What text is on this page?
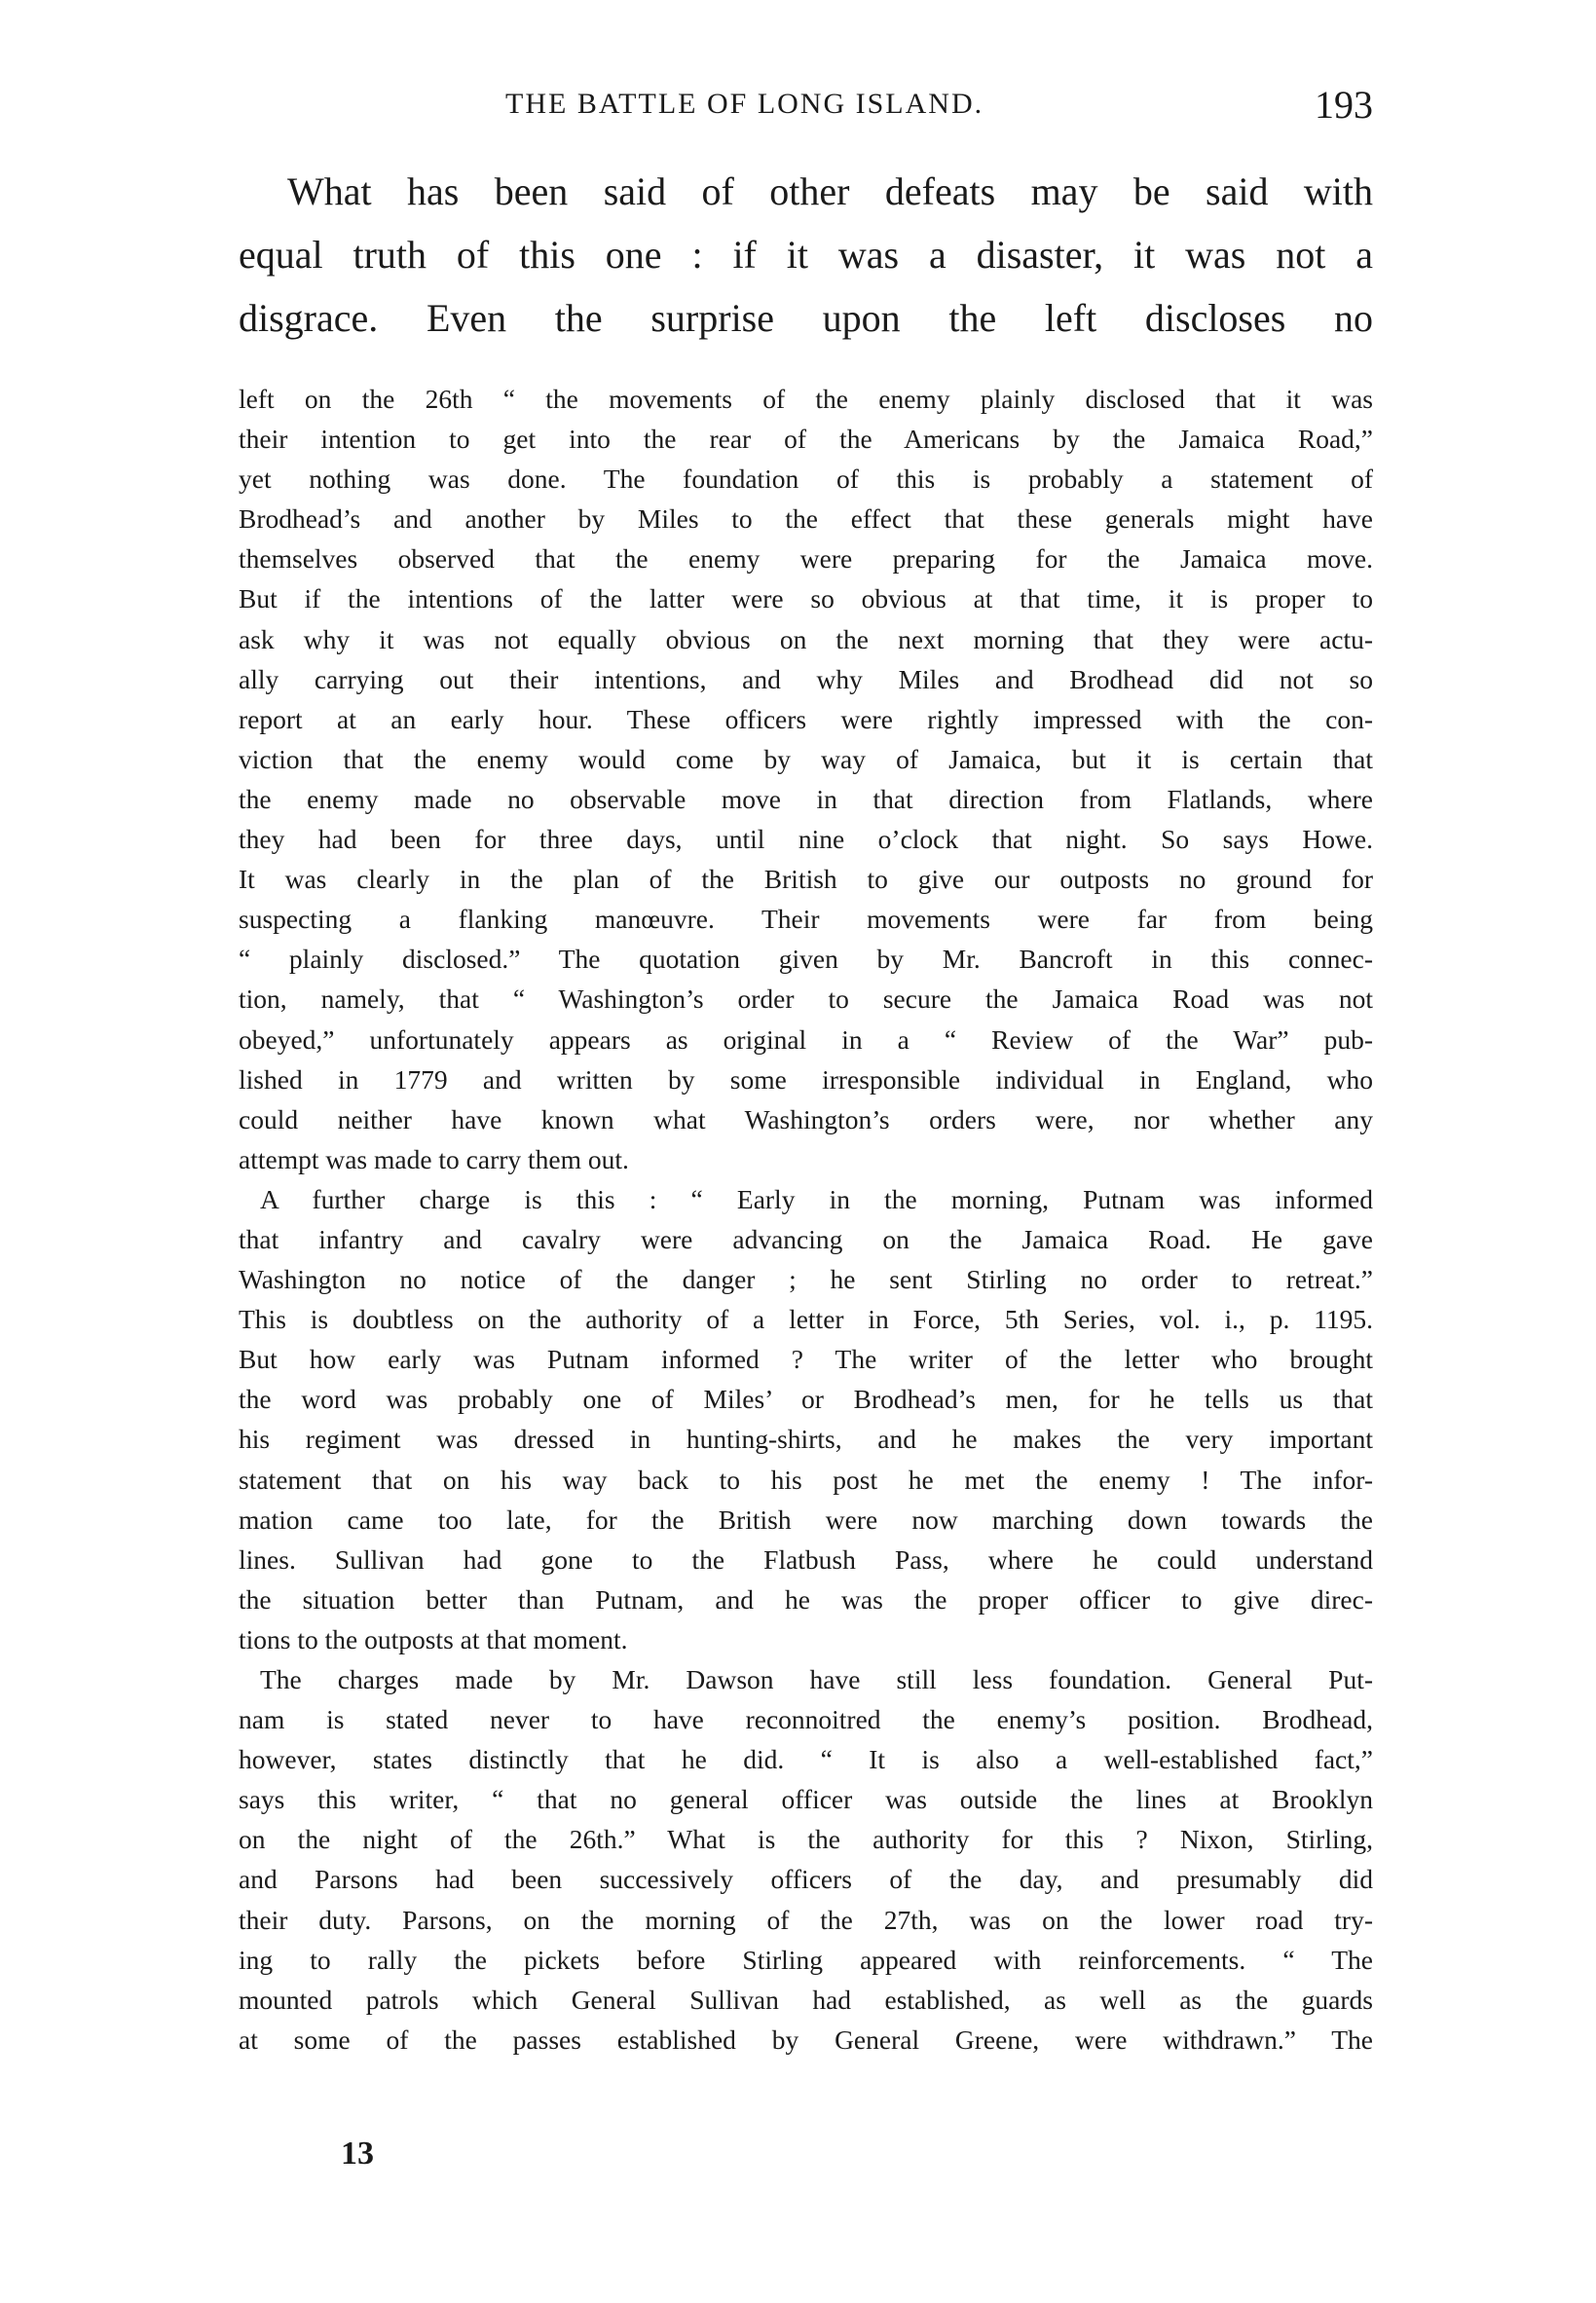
THE BATTLE OF LONG ISLAND.	193
What has been said of other defeats may be said with
equal truth of this one : if it was a disaster, it was not a
disgrace. Even the surprise upon the left discloses no

left on the 26th “ the movements of the enemy plainly disclosed that it was
their intention to get into the rear of the Americans by the Jamaica Road,”
yet nothing was done. The foundation of this is probably a statement of
Brodhead’s and another by Miles to the effect that these generals might have
themselves observed that the enemy were preparing for the Jamaica move.
But if the intentions of the latter were so obvious at that time, it is proper to
ask why it was not equally obvious on the next morning that they were actu-
ally carrying out their intentions, and why Miles and Brodhead did not so
report at an early hour. These officers were rightly impressed with the con-
viction that the enemy would come by way of Jamaica, but it is certain that
the enemy made no observable move in that direction from Flatlands, where
they had been for three days, until nine o’clock that night. So says Howe.
It was clearly in the plan of the British to give our outposts no ground for
suspecting a flanking manœuvre. Their movements were far from being
“ plainly disclosed.” The quotation given by Mr. Bancroft in this connec-
tion, namely, that “ Washington’s order to secure the Jamaica Road was not
obeyed,” unfortunately appears as original in a “ Review of the War” pub-
lished in 1779 and written by some irresponsible individual in England, who
could neither have known what Washington’s orders were, nor whether any
attempt was made to carry them out.

A further charge is this : “ Early in the morning, Putnam was informed
that infantry and cavalry were advancing on the Jamaica Road. He gave
Washington no notice of the danger ; he sent Stirling no order to retreat.”
This is doubtless on the authority of a letter in Force, 5th Series, vol. i., p. 1195.
But how early was Putnam informed ? The writer of the letter who brought
the word was probably one of Miles’ or Brodhead’s men, for he tells us that
his regiment was dressed in hunting-shirts, and he makes the very important
statement that on his way back to his post he met the enemy ! The infor-
mation came too late, for the British were now marching down towards the
lines. Sullivan had gone to the Flatbush Pass, where he could understand
the situation better than Putnam, and he was the proper officer to give direc-
tions to the outposts at that moment.

The charges made by Mr. Dawson have still less foundation. General Put-
nam is stated never to have reconnoitred the enemy’s position. Brodhead,
however, states distinctly that he did. “ It is also a well-established fact,”
says this writer, “ that no general officer was outside the lines at Brooklyn
on the night of the 26th.” What is the authority for this ? Nixon, Stirling,
and Parsons had been successively officers of the day, and presumably did
their duty. Parsons, on the morning of the 27th, was on the lower road try-
ing to rally the pickets before Stirling appeared with reinforcements. “ The
mounted patrols which General Sullivan had established, as well as the guards
at some of the passes established by General Greene, were withdrawn.” The

13
